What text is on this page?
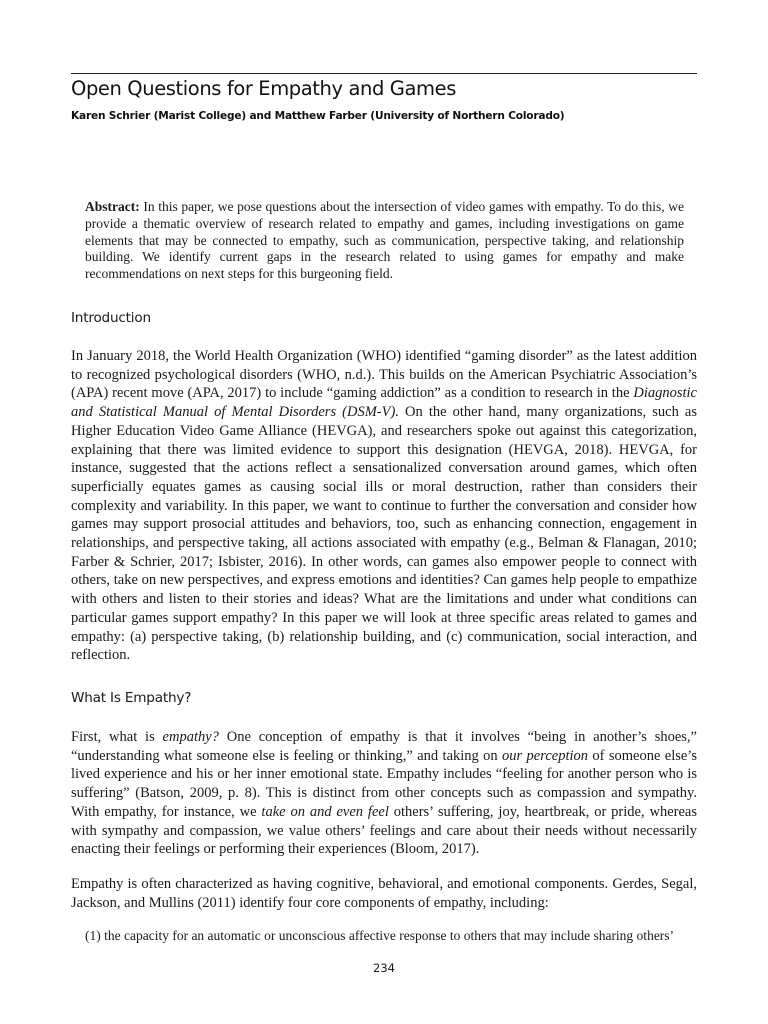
Open Questions for Empathy and Games
Karen Schrier (Marist College) and Matthew Farber (University of Northern Colorado)

Abstract: In this paper, we pose questions about the intersection of video games with empathy. To do this, we provide a thematic overview of research related to empathy and games, including investigations on game elements that may be connected to empathy, such as communication, perspective taking, and relationship building. We identify current gaps in the research related to using games for empathy and make recommendations on next steps for this burgeoning field.

Introduction

In January 2018, the World Health Organization (WHO) identified “gaming disorder” as the latest addition to recognized psychological disorders (WHO, n.d.). This builds on the American Psychiatric Association’s (APA) recent move (APA, 2017) to include “gaming addiction” as a condition to research in the Diagnostic and Statistical Manual of Mental Disorders (DSM-V). On the other hand, many organizations, such as Higher Education Video Game Alliance (HEVGA), and researchers spoke out against this categorization, explaining that there was limited evidence to support this designation (HEVGA, 2018). HEVGA, for instance, suggested that the actions reflect a sensationalized conversation around games, which often superficially equates games as causing social ills or moral destruction, rather than considers their complexity and variability. In this paper, we want to continue to further the conversation and consider how games may support prosocial attitudes and behaviors, too, such as enhancing connection, engagement in relationships, and perspective taking, all actions associated with empathy (e.g., Belman & Flanagan, 2010; Farber & Schrier, 2017; Isbister, 2016). In other words, can games also empower people to connect with others, take on new perspectives, and express emotions and identities? Can games help people to empathize with others and listen to their stories and ideas? What are the limitations and under what conditions can particular games support empathy? In this paper we will look at three specific areas related to games and empathy: (a) perspective taking, (b) relationship building, and (c) communication, social interaction, and reflection.

What Is Empathy?

First, what is empathy? One conception of empathy is that it involves “being in another’s shoes,” “understanding what someone else is feeling or thinking,” and taking on our perception of someone else’s lived experience and his or her inner emotional state. Empathy includes “feeling for another person who is suffering” (Batson, 2009, p. 8). This is distinct from other concepts such as compassion and sympathy. With empathy, for instance, we take on and even feel others’ suffering, joy, heartbreak, or pride, whereas with sympathy and compassion, we value others’ feelings and care about their needs without necessarily enacting their feelings or performing their experiences (Bloom, 2017).

Empathy is often characterized as having cognitive, behavioral, and emotional components. Gerdes, Segal, Jackson, and Mullins (2011) identify four core components of empathy, including:

(1) the capacity for an automatic or unconscious affective response to others that may include sharing others’

234
